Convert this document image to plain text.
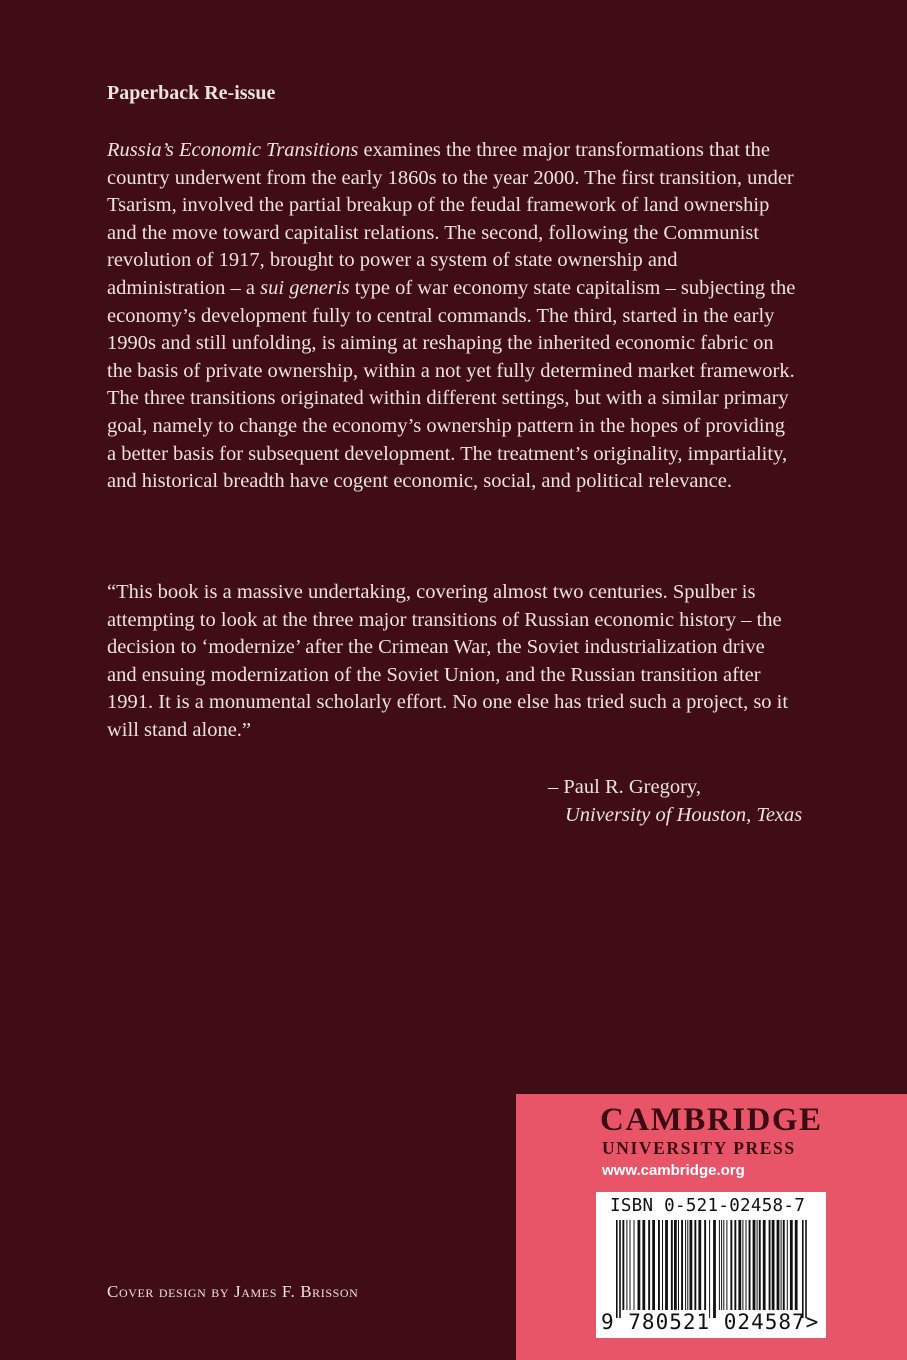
Paperback Re-issue

Russia’s Economic Transitions examines the three major transformations that the country underwent from the early 1860s to the year 2000. The first transition, under Tsarism, involved the partial breakup of the feudal framework of land ownership and the move toward capitalist relations. The second, following the Communist revolution of 1917, brought to power a system of state ownership and administration – a sui generis type of war economy state capitalism – subjecting the economy’s development fully to central commands. The third, started in the early 1990s and still unfolding, is aiming at reshaping the inherited economic fabric on the basis of private ownership, within a not yet fully determined market framework. The three transitions originated within different settings, but with a similar primary goal, namely to change the economy’s ownership pattern in the hopes of providing a better basis for subsequent development. The treatment’s originality, impartiality, and historical breadth have cogent economic, social, and political relevance.

“This book is a massive undertaking, covering almost two centuries. Spulber is attempting to look at the three major transitions of Russian economic history – the decision to ‘modernize’ after the Crimean War, the Soviet industrialization drive and ensuing modernization of the Soviet Union, and the Russian transition after 1991. It is a monumental scholarly effort. No one else has tried such a project, so it will stand alone.”

– Paul R. Gregory,
University of Houston, Texas
Cover design by James F. Brisson
CAMBRIDGE
UNIVERSITY PRESS
www.cambridge.org
ISBN 0-521-02458-7
9 780521 024587>
